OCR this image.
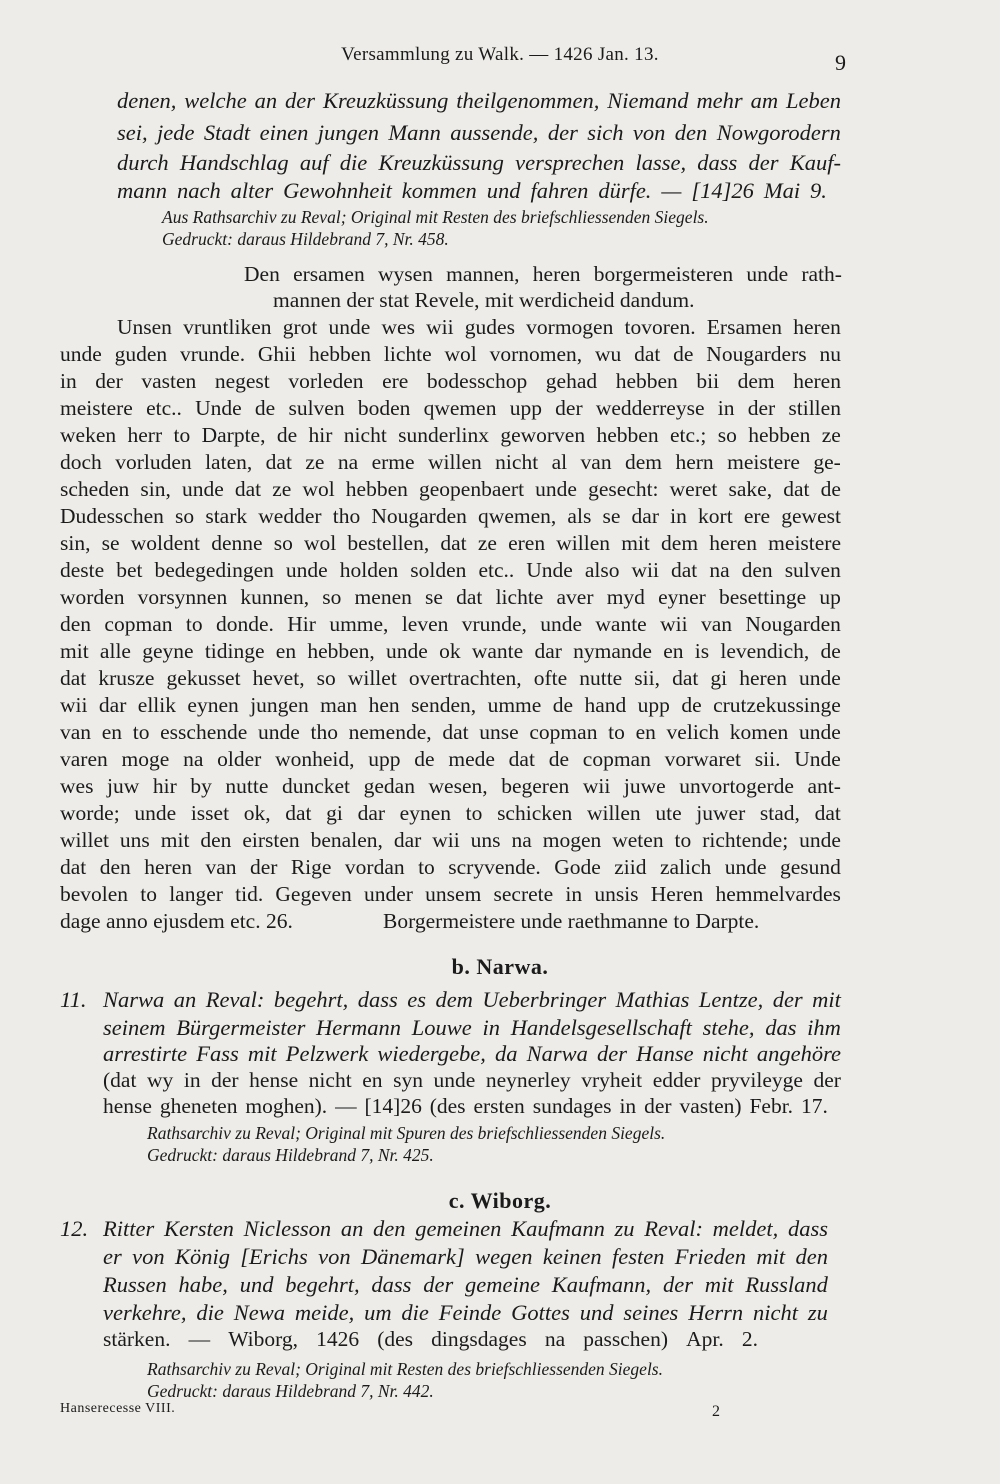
Versammlung zu Walk. — 1426 Jan. 13.	9
denen, welche an der Kreuzküssung theilgenommen, Niemand mehr am Leben
sei, jede Stadt einen jungen Mann aussende, der sich von den Nowgorodern
durch Handschlag auf die Kreuzküssung versprechen lasse, dass der Kauf-
mann nach alter Gewohnheit kommen und fahren dürfe. — [14]26 Mai 9.
Aus Rathsarchiv zu Reval; Original mit Resten des briefschliessenden Siegels.
Gedruckt: daraus Hildebrand 7, Nr. 458.
Den ersamen wysen mannen, heren borgermeisteren unde rath-
mannen der stat Revele, mit werdicheid dandum.
Unsen vruntliken grot unde wes wii gudes vormogen tovoren. Ersamen heren
unde guden vrunde. Ghii hebben lichte wol vornomen, wu dat de Nougarders nu
in der vasten negest vorleden ere bodesschop gehad hebben bii dem heren
meistere etc.. Unde de sulven boden qwemen upp der wedderreyse in der stillen
weken herr to Darpte, de hir nicht sunderlinx geworven hebben etc.; so hebben ze
doch vorluden laten, dat ze na erme willen nicht al van dem hern meistere ge-
scheden sin, unde dat ze wol hebben geopenbaert unde gesecht: weret sake, dat de
Dudesschen so stark wedder tho Nougarden qwemen, als se dar in kort ere gewest
sin, se woldent denne so wol bestellen, dat ze eren willen mit dem heren meistere
deste bet bedegedingen unde holden solden etc.. Unde also wii dat na den sulven
worden vorsynnen kunnen, so menen se dat lichte aver myd eyner besettinge up
den copman to donde. Hir umme, leven vrunde, unde wante wii van Nougarden
mit alle geyne tidinge en hebben, unde ok wante dar nymande en is levendich, de
dat krusze gekusset hevet, so willet overtrachten, ofte nutte sii, dat gi heren unde
wii dar ellik eynen jungen man hen senden, umme de hand upp de crutzekussinge
van en to esschende unde tho nemende, dat unse copman to en velich komen unde
varen moge na older wonheid, upp de mede dat de copman vorwaret sii. Unde
wes juw hir by nutte duncket gedan wesen, begeren wii juwe unvortogerde ant-
worde; unde isset ok, dat gi dar eynen to schicken willen ute juwer stad, dat
willet uns mit den eirsten benalen, dar wii uns na mogen weten to richtende; unde
dat den heren van der Rige vordan to scryvende. Gode ziid zalich unde gesund
bevolen to langer tid. Gegeven under unsem secrete in unsis Heren hemmelvardes
dage anno ejusdem etc. 26.	Borgermeistere unde raethmanne to Darpte.
b. Narwa.
11. Narwa an Reval: begehrt, dass es dem Ueberbringer Mathias Lentze, der mit
seinem Bürgermeister Hermann Louwe in Handelsgesellschaft stehe, das ihm
arrestirte Fass mit Pelzwerk wiedergebe, da Narwa der Hanse nicht angehöre
(dat wy in der hense nicht en syn unde neynerley vryheit edder pryvileyge der
hense gheneten moghen). — [14]26 (des ersten sundages in der vasten) Febr. 17.
Rathsarchiv zu Reval; Original mit Spuren des briefschliessenden Siegels.
Gedruckt: daraus Hildebrand 7, Nr. 425.
c. Wiborg.
12. Ritter Kersten Niclesson an den gemeinen Kaufmann zu Reval: meldet, dass
er von König [Erichs von Dänemark] wegen keinen festen Frieden mit den
Russen habe, und begehrt, dass der gemeine Kaufmann, der mit Russland
verkehre, die Newa meide, um die Feinde Gottes und seines Herrn nicht zu
stärken. — Wiborg, 1426 (des dingsdages na passchen) Apr. 2.
Rathsarchiv zu Reval; Original mit Resten des briefschliessenden Siegels.
Gedruckt: daraus Hildebrand 7, Nr. 442.
Hanserecesse VIII.	2
